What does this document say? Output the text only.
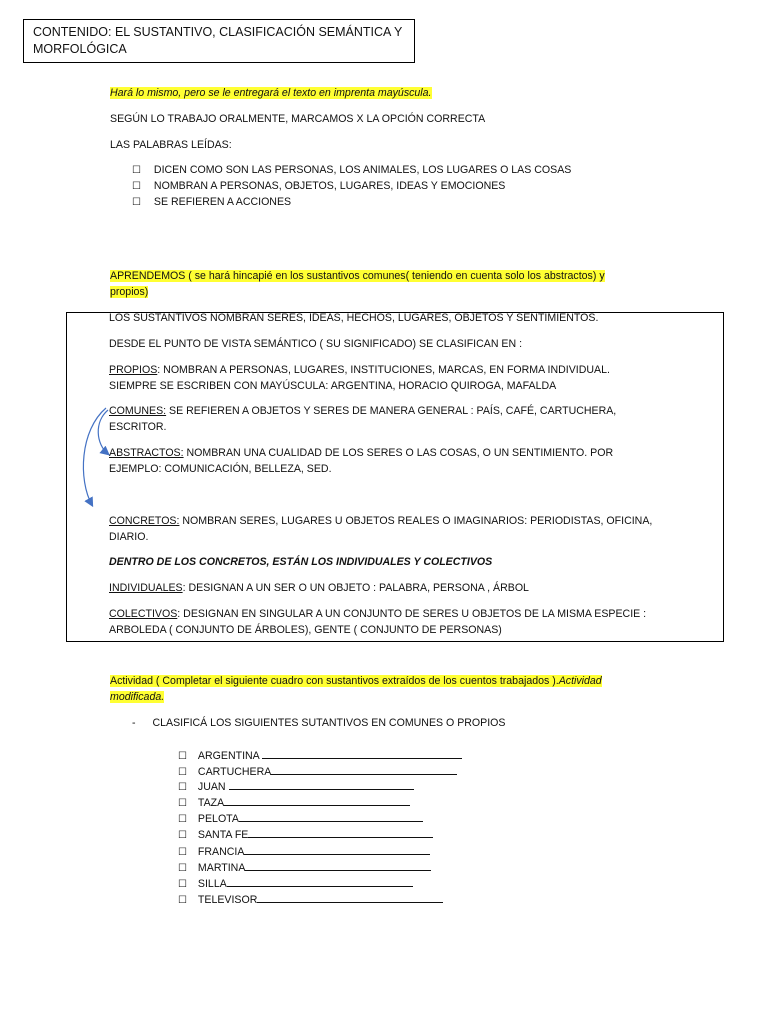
CONTENIDO: EL SUSTANTIVO, CLASIFICACIÓN SEMÁNTICA Y
MORFOLÓGICA
Hará lo mismo, pero se le entregará el texto en imprenta mayúscula.
SEGÚN LO TRABAJO ORALMENTE, MARCAMOS X LA OPCIÓN CORRECTA
LAS PALABRAS LEÍDAS:
☐ DICEN COMO SON LAS PERSONAS, LOS ANIMALES, LOS LUGARES O LAS COSAS
☐ NOMBRAN A PERSONAS, OBJETOS, LUGARES, IDEAS Y EMOCIONES
☐ SE REFIEREN A ACCIONES
APRENDEMOS ( se hará hincapié en los sustantivos comunes( teniendo en cuenta solo los abstractos) y
propios)
LOS SUSTANTIVOS NOMBRAN SERES, IDEAS, HECHOS, LUGARES, OBJETOS Y SENTIMIENTOS.
DESDE EL PUNTO DE VISTA SEMÁNTICO ( SU SIGNIFICADO) SE CLASIFICAN EN :
PROPIOS: NOMBRAN A PERSONAS, LUGARES, INSTITUCIONES, MARCAS, EN FORMA INDIVIDUAL.
SIEMPRE SE ESCRIBEN CON MAYÚSCULA: ARGENTINA, HORACIO QUIROGA, MAFALDA
COMUNES: SE REFIEREN A OBJETOS Y SERES DE MANERA GENERAL : PAÍS, CAFÉ, CARTUCHERA,
ESCRITOR.
ABSTRACTOS: NOMBRAN UNA CUALIDAD DE LOS SERES O LAS COSAS, O UN SENTIMIENTO. POR
EJEMPLO: COMUNICACIÓN, BELLEZA, SED.
CONCRETOS: NOMBRAN SERES, LUGARES U OBJETOS REALES O IMAGINARIOS: PERIODISTAS, OFICINA,
DIARIO.
DENTRO DE LOS CONCRETOS, ESTÁN LOS INDIVIDUALES Y COLECTIVOS
INDIVIDUALES: DESIGNAN A UN SER O UN OBJETO : PALABRA, PERSONA , ÁRBOL
COLECTIVOS: DESIGNAN EN SINGULAR A UN CONJUNTO DE SERES U OBJETOS DE LA MISMA ESPECIE :
ARBOLEDA ( CONJUNTO DE ÁRBOLES), GENTE ( CONJUNTO DE PERSONAS)
Actividad ( Completar el siguiente cuadro con sustantivos extraídos de los cuentos trabajados ).Actividad
modificada.
- CLASIFICÁ LOS SIGUIENTES SUTANTIVOS EN COMUNES O PROPIOS
☐ ARGENTINA
☐ CARTUCHERA
☐ JUAN
☐ TAZA
☐ PELOTA
☐ SANTA FE
☐ FRANCIA
☐ MARTINA
☐ SILLA
☐ TELEVISOR
